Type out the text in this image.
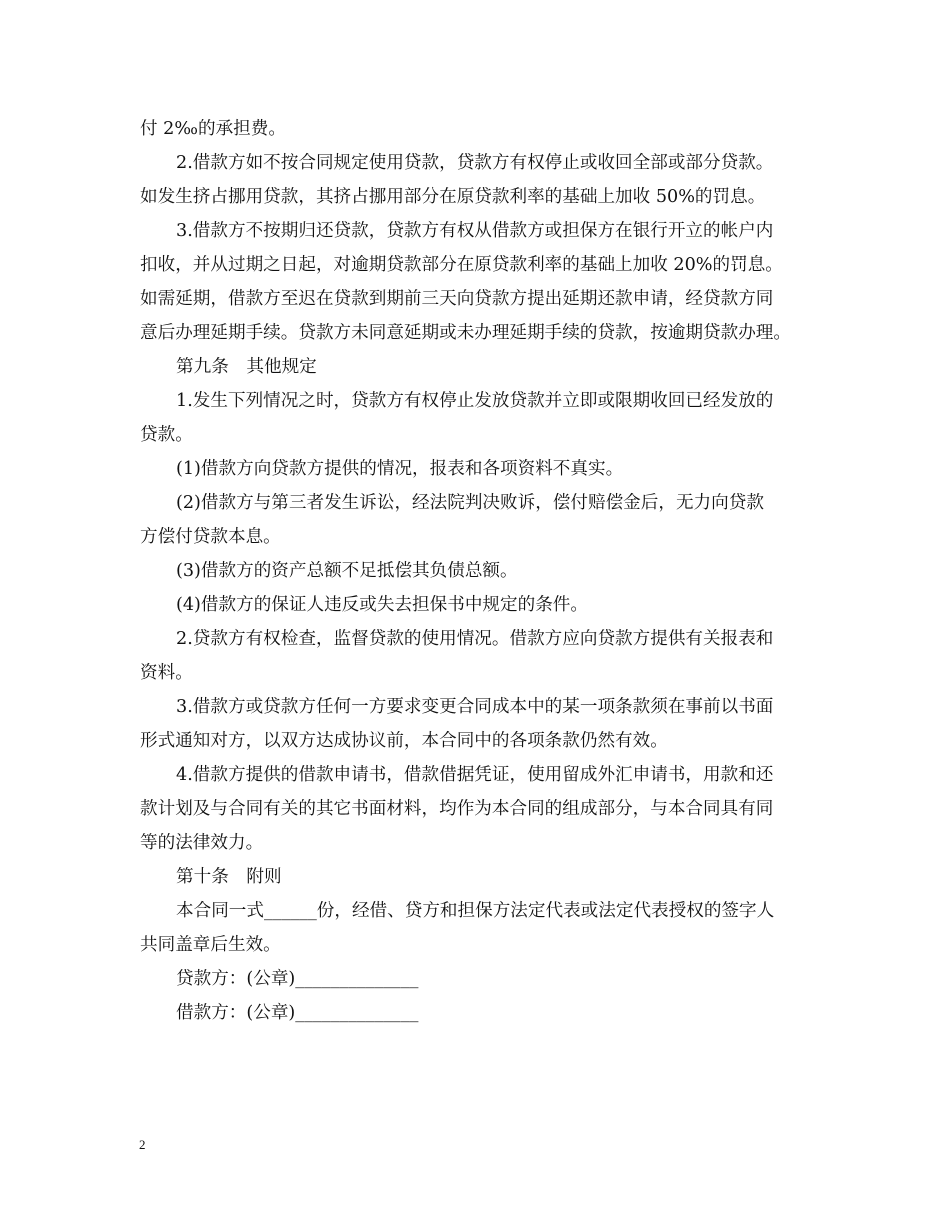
付 2‰的承担费。
2.借款方如不按合同规定使用贷款，贷款方有权停止或收回全部或部分贷款。
如发生挤占挪用贷款，其挤占挪用部分在原贷款利率的基础上加收 50%的罚息。
3.借款方不按期归还贷款，贷款方有权从借款方或担保方在银行开立的帐户内
扣收，并从过期之日起，对逾期贷款部分在原贷款利率的基础上加收 20%的罚息。
如需延期，借款方至迟在贷款到期前三天向贷款方提出延期还款申请，经贷款方同
意后办理延期手续。贷款方未同意延期或未办理延期手续的贷款，按逾期贷款办理。
第九条　其他规定
1.发生下列情况之时，贷款方有权停止发放贷款并立即或限期收回已经发放的
贷款。
(1)借款方向贷款方提供的情况，报表和各项资料不真实。
(2)借款方与第三者发生诉讼，经法院判决败诉，偿付赔偿金后，无力向贷款
方偿付贷款本息。
(3)借款方的资产总额不足抵偿其负债总额。
(4)借款方的保证人违反或失去担保书中规定的条件。
2.贷款方有权检查，监督贷款的使用情况。借款方应向贷款方提供有关报表和
资料。
3.借款方或贷款方任何一方要求变更合同成本中的某一项条款须在事前以书面
形式通知对方，以双方达成协议前，本合同中的各项条款仍然有效。
4.借款方提供的借款申请书，借款借据凭证，使用留成外汇申请书，用款和还
款计划及与合同有关的其它书面材料，均作为本合同的组成部分，与本合同具有同
等的法律效力。
第十条　附则
本合同一式______份，经借、贷方和担保方法定代表或法定代表授权的签字人
共同盖章后生效。
贷款方：(公章)______________
借款方：(公章)______________
2
